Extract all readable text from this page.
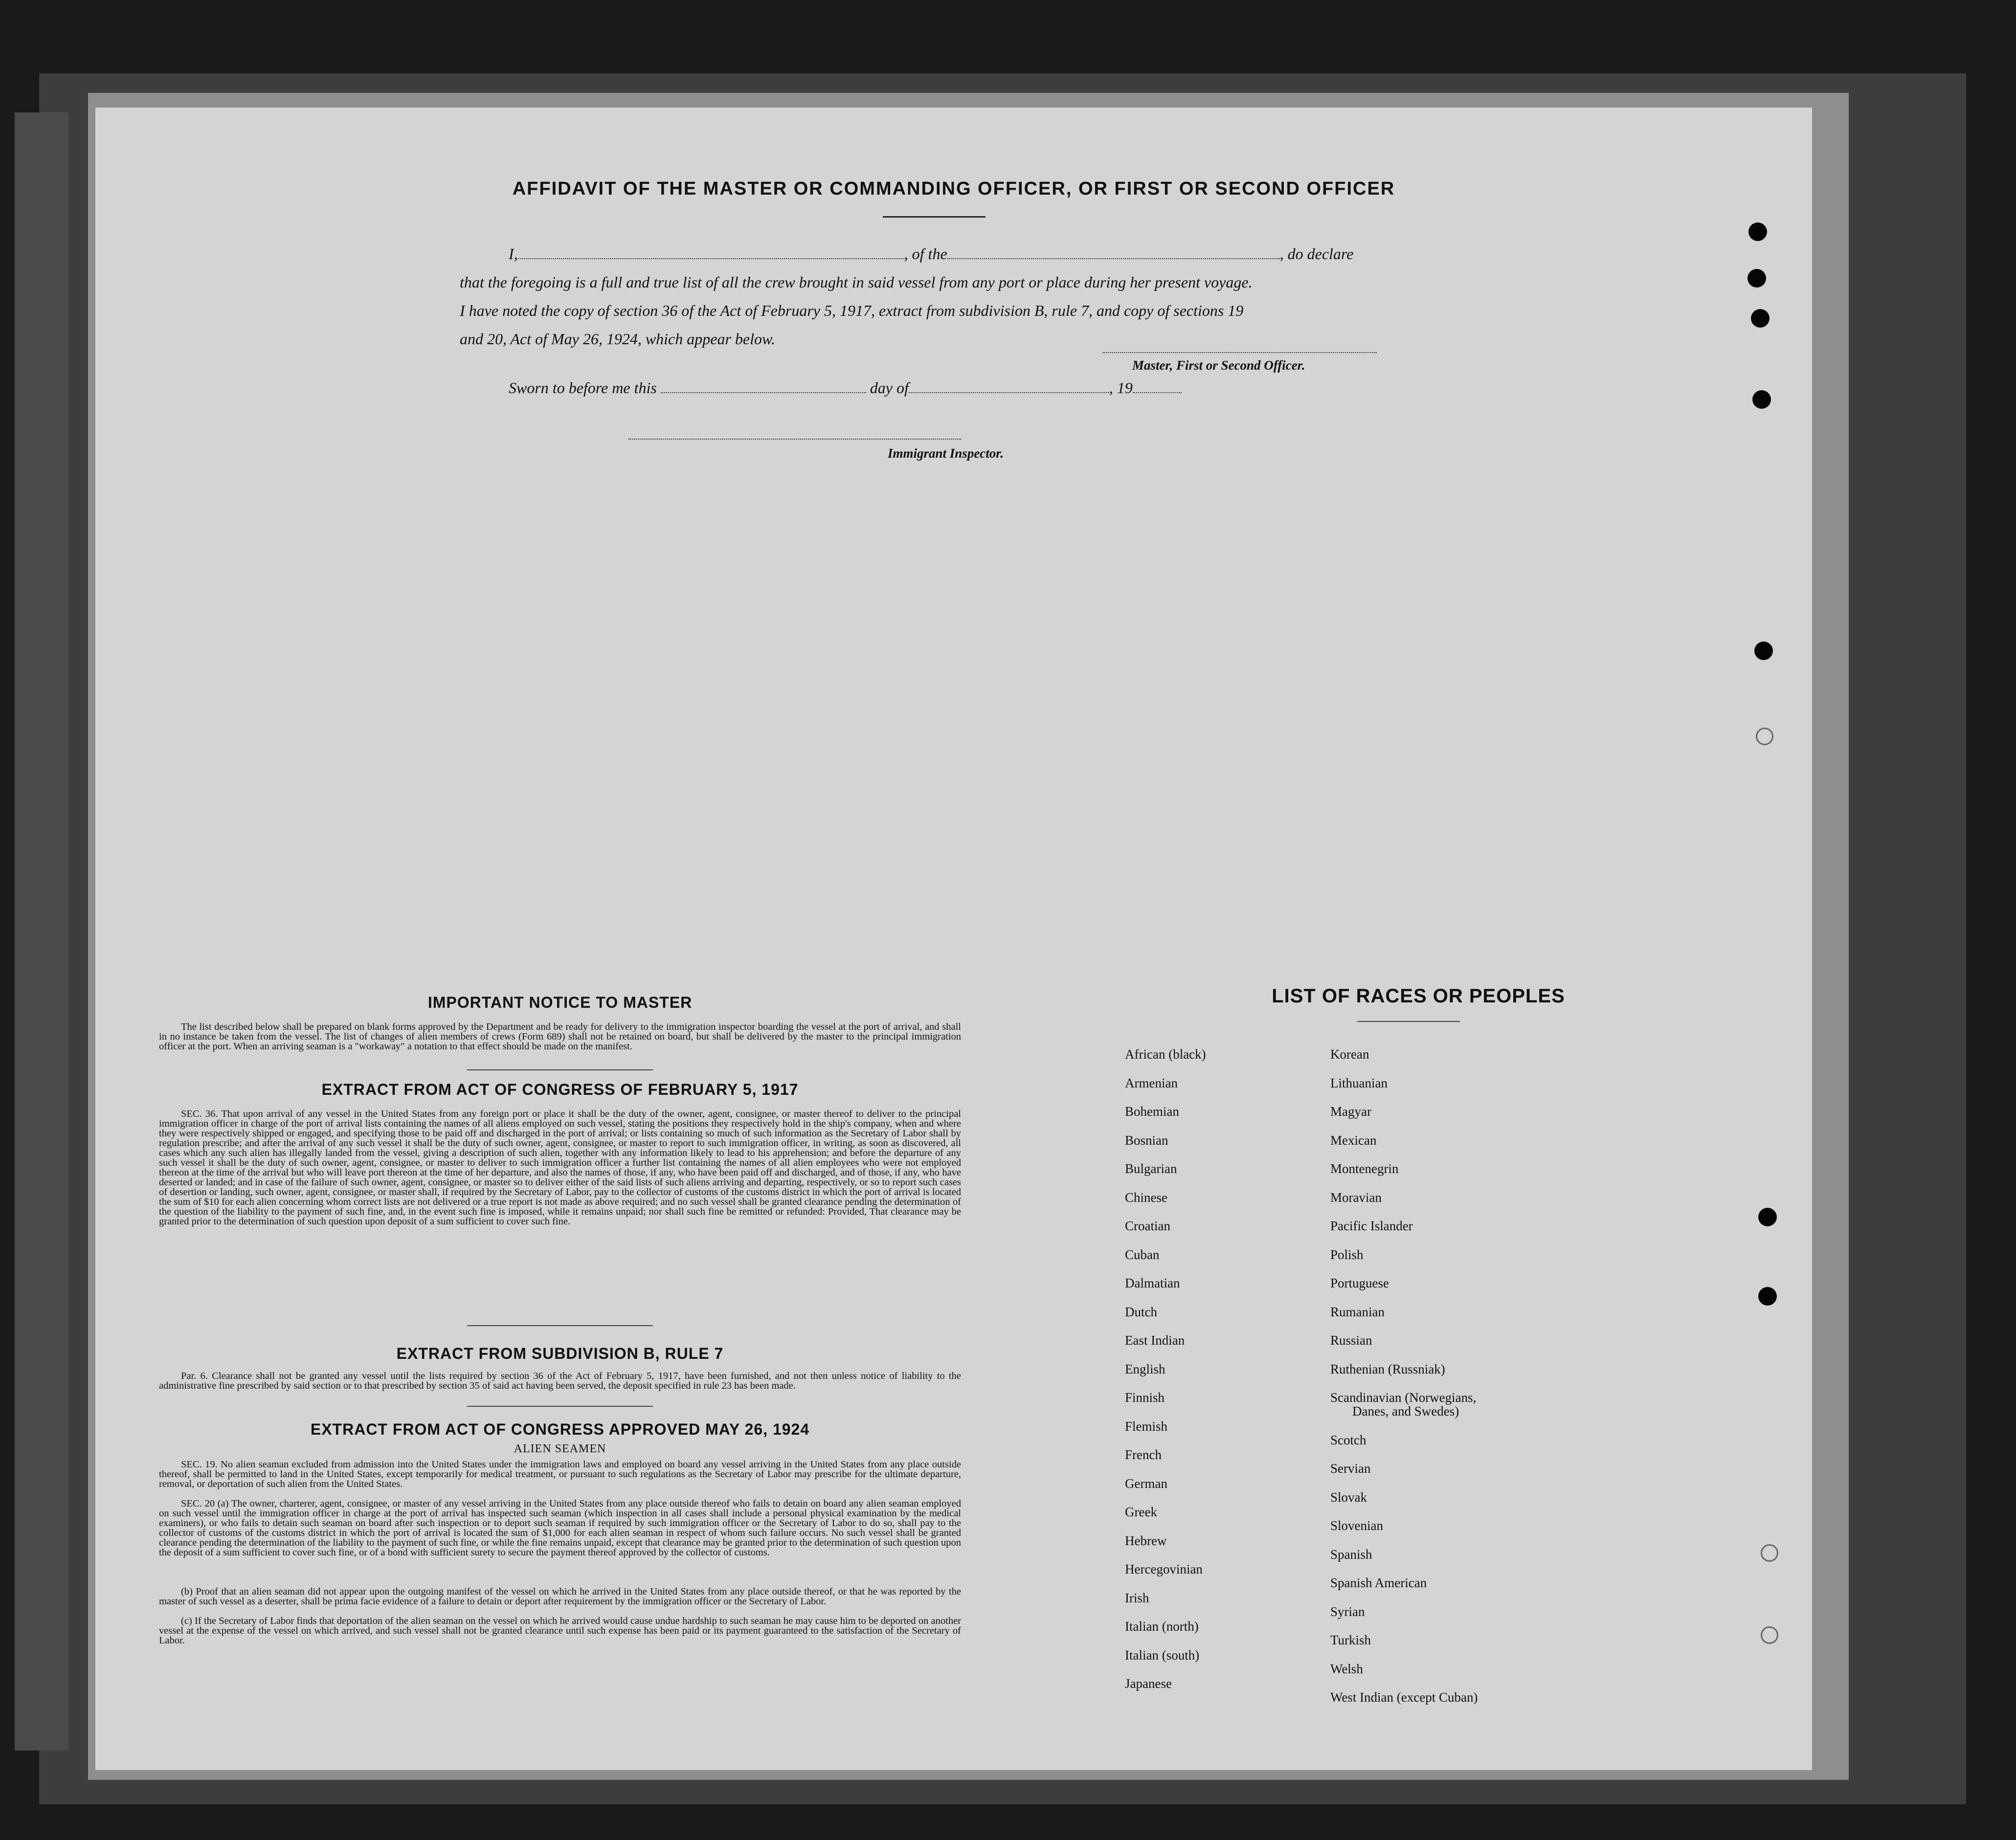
AFFIDAVIT OF THE MASTER OR COMMANDING OFFICER, OR FIRST OR SECOND OFFICER
I,	, of the	, do declare
that the foregoing is a full and true list of all the crew brought in said vessel from any port or place during her present voyage.
I have noted the copy of section 36 of the Act of February 5, 1917, extract from subdivision B, rule 7, and copy of sections 19
and 20, Act of May 26, 1924, which appear below.
Master, First or Second Officer.
Sworn to before me this	day of	, 19
Immigrant Inspector.
IMPORTANT NOTICE TO MASTER
The list described below shall be prepared on blank forms approved by the Department and be ready for delivery to the immigration inspector boarding the vessel at the port of arrival, and shall in no instance be taken from the vessel. The list of changes of alien members of crews (Form 689) shall not be retained on board, but shall be delivered by the master to the principal immigration officer at the port. When an arriving seaman is a "workaway" a notation to that effect should be made on the manifest.
EXTRACT FROM ACT OF CONGRESS OF FEBRUARY 5, 1917
SEC. 36. That upon arrival of any vessel in the United States from any foreign port or place it shall be the duty of the owner, agent, consignee, or master thereof to deliver to the principal immigration officer in charge of the port of arrival lists containing the names of all aliens employed on such vessel, stating the positions they respectively hold in the ship's company, when and where they were respectively shipped or engaged, and specifying those to be paid off and discharged in the port of arrival; or lists containing so much of such information as the Secretary of Labor shall by regulation prescribe; and after the arrival of any such vessel it shall be the duty of such owner, agent, consignee, or master to report to such immigration officer, in writing, as soon as discovered, all cases which any such alien has illegally landed from the vessel, giving a description of such alien, together with any information likely to lead to his apprehension; and before the departure of any such vessel it shall be the duty of such owner, agent, consignee, or master to deliver to such immigration officer a further list containing the names of all alien employees who were not employed thereon at the time of the arrival but who will leave port thereon at the time of her departure, and also the names of those, if any, who have been paid off and discharged, and of those, if any, who have deserted or landed; and in case of the failure of such owner, agent, consignee, or master so to deliver either of the said lists of such aliens arriving and departing, respectively, or so to report such cases of desertion or landing, such owner, agent, consignee, or master shall, if required by the Secretary of Labor, pay to the collector of customs of the customs district in which the port of arrival is located the sum of $10 for each alien concerning whom correct lists are not delivered or a true report is not made as above required; and no such vessel shall be granted clearance pending the determination of the question of the liability to the payment of such fine, and, in the event such fine is imposed, while it remains unpaid; nor shall such fine be remitted or refunded: Provided, That clearance may be granted prior to the determination of such question upon deposit of a sum sufficient to cover such fine.
EXTRACT FROM SUBDIVISION B, RULE 7
Par. 6. Clearance shall not be granted any vessel until the lists required by section 36 of the Act of February 5, 1917, have been furnished, and not then unless notice of liability to the administrative fine prescribed by said section or to that prescribed by section 35 of said act having been served, the deposit specified in rule 23 has been made.
EXTRACT FROM ACT OF CONGRESS APPROVED MAY 26, 1924
ALIEN SEAMEN
SEC. 19. No alien seaman excluded from admission into the United States under the immigration laws and employed on board any vessel arriving in the United States from any place outside thereof, shall be permitted to land in the United States, except temporarily for medical treatment, or pursuant to such regulations as the Secretary of Labor may prescribe for the ultimate departure, removal, or deportation of such alien from the United States.
SEC. 20 (a) The owner, charterer, agent, consignee, or master of any vessel arriving in the United States from any place outside thereof who fails to detain on board any alien seaman employed on such vessel until the immigration officer in charge at the port of arrival has inspected such seaman (which inspection in all cases shall include a personal physical examination by the medical examiners), or who fails to detain such seaman on board after such inspection or to deport such seaman if required by such immigration officer or the Secretary of Labor to do so, shall pay to the collector of customs of the customs district in which the port of arrival is located the sum of $1,000 for each alien seaman in respect of whom such failure occurs. No such vessel shall be granted clearance pending the determination of the liability to the payment of such fine, or while the fine remains unpaid, except that clearance may be granted prior to the determination of such question upon the deposit of a sum sufficient to cover such fine, or of a bond with sufficient surety to secure the payment thereof approved by the collector of customs.
(b) Proof that an alien seaman did not appear upon the outgoing manifest of the vessel on which he arrived in the United States from any place outside thereof, or that he was reported by the master of such vessel as a deserter, shall be prima facie evidence of a failure to detain or deport after requirement by the immigration officer or the Secretary of Labor.
(c) If the Secretary of Labor finds that deportation of the alien seaman on the vessel on which he arrived would cause undue hardship to such seaman he may cause him to be deported on another vessel at the expense of the vessel on which arrived, and such vessel shall not be granted clearance until such expense has been paid or its payment guaranteed to the satisfaction of the Secretary of Labor.
LIST OF RACES OR PEOPLES
African (black)
Armenian
Bohemian
Bosnian
Bulgarian
Chinese
Croatian
Cuban
Dalmatian
Dutch
East Indian
English
Finnish
Flemish
French
German
Greek
Hebrew
Hercegovinian
Irish
Italian (north)
Italian (south)
Japanese
Korean
Lithuanian
Magyar
Mexican
Montenegrin
Moravian
Pacific Islander
Polish
Portuguese
Rumanian
Russian
Ruthenian (Russniak)
Scandinavian (Norwegians,
Danes, and Swedes)
Scotch
Servian
Slovak
Slovenian
Spanish
Spanish American
Syrian
Turkish
Welsh
West Indian (except Cuban)
